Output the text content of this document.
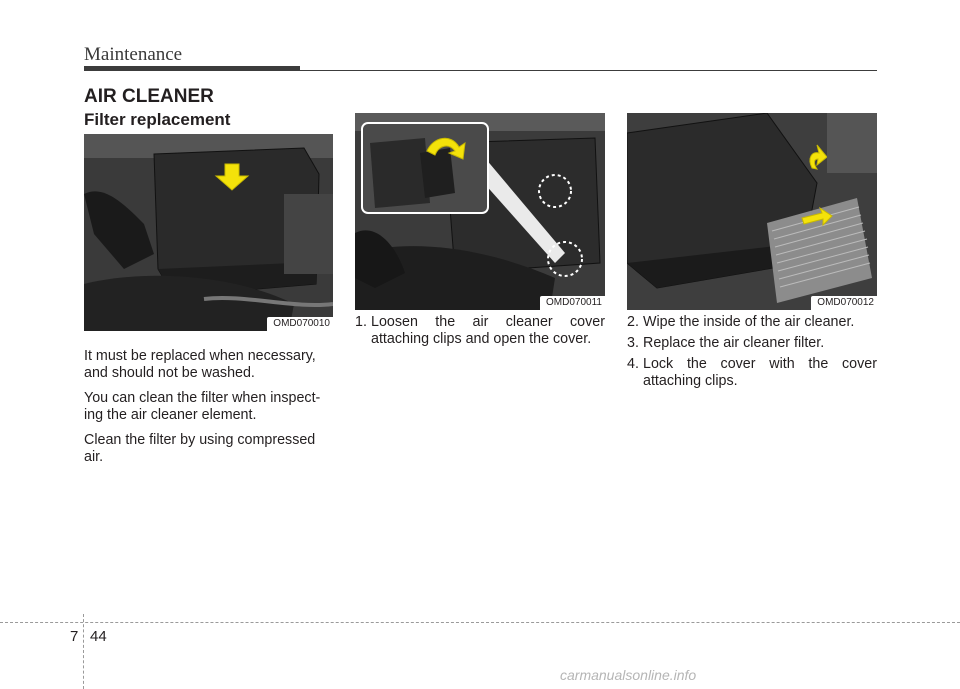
Maintenance
AIR CLEANER
Filter replacement
OMD070010
OMD070011	OMD070012

It must be replaced when necessary, and should not be washed.

You can clean the filter when inspect- ing the air cleaner element.

Clean the filter by using compressed air.

1. Loosen the air cleaner cover attaching clips and open the cover.
2. Wipe the inside of the air cleaner.
3. Replace the air cleaner filter.
4. Lock the cover with the cover attaching clips.
7 44
carmanualsonline.info
